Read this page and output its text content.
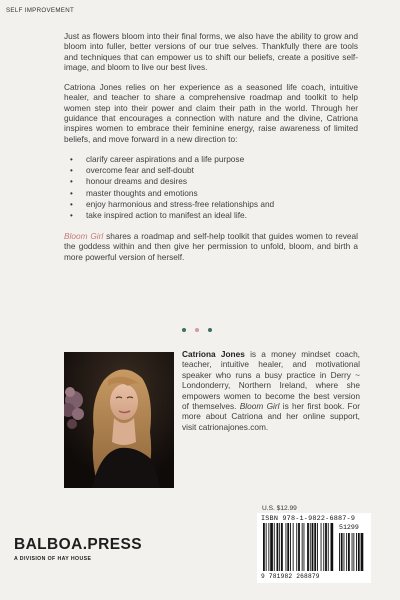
SELF IMPROVEMENT

Just as flowers bloom into their final forms, we also have the ability to grow and bloom into fuller, better versions of our true selves. Thankfully there are tools and techniques that can empower us to shift our beliefs, create a positive self-image, and bloom to live our best lives.

Catriona Jones relies on her experience as a seasoned life coach, intuitive healer, and teacher to share a comprehensive roadmap and toolkit to help women step into their power and claim their path in the world. Through her guidance that encourages a connection with nature and the divine, Catriona inspires women to embrace their feminine energy, raise awareness of limited beliefs, and move forward in a new direction to:

• clarify career aspirations and a life purpose
• overcome fear and self-doubt
• honour dreams and desires
• master thoughts and emotions
• enjoy harmonious and stress-free relationships and
• take inspired action to manifest an ideal life.

Bloom Girl shares a roadmap and self-help toolkit that guides women to reveal the goddess within and then give her permission to unfold, bloom, and birth a more powerful version of herself.

Catriona Jones is a money mindset coach, teacher, intuitive healer, and motivational speaker who runs a busy practice in Derry ~ Londonderry, Northern Ireland, where she empowers women to become the best version of themselves. Bloom Girl is her first book. For more about Catriona and her online support, visit catrionajones.com.
U.S. $12.99
ISBN 978-1-9822-6887-9
51299
9 781982 268879
BALBOA.PRESS
A DIVISION OF HAY HOUSE
